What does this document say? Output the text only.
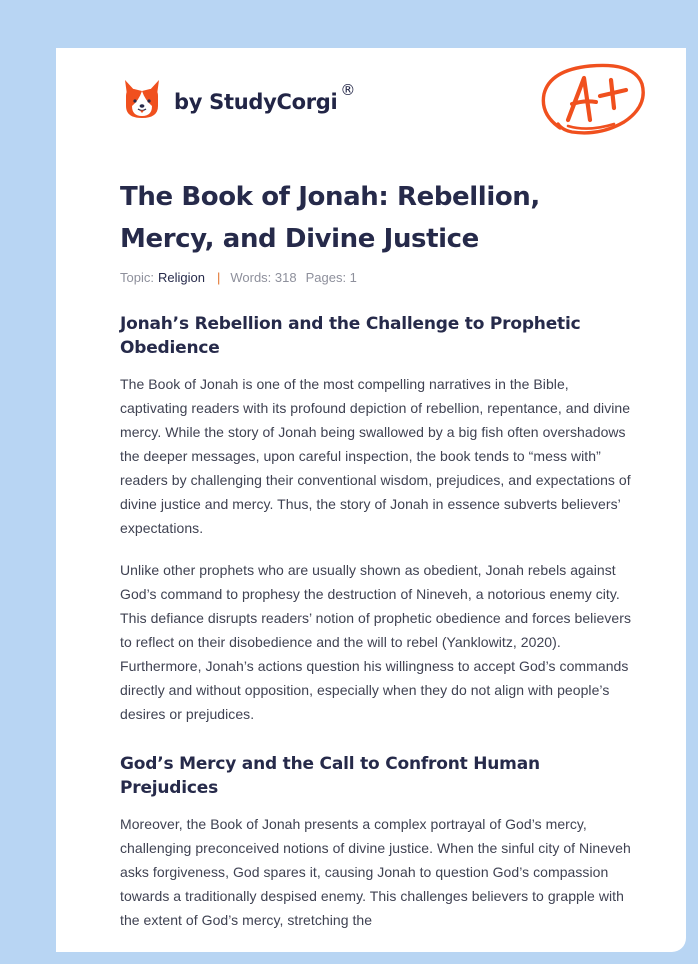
by StudyCorgi ®
The Book of Jonah: Rebellion, Mercy, and Divine Justice
Topic: Religion | Words: 318 Pages: 1
Jonah’s Rebellion and the Challenge to Prophetic Obedience

The Book of Jonah is one of the most compelling narratives in the Bible, captivating readers with its profound depiction of rebellion, repentance, and divine mercy. While the story of Jonah being swallowed by a big fish often overshadows the deeper messages, upon careful inspection, the book tends to “mess with” readers by challenging their conventional wisdom, prejudices, and expectations of divine justice and mercy. Thus, the story of Jonah in essence subverts believers’ expectations.

Unlike other prophets who are usually shown as obedient, Jonah rebels against God’s command to prophesy the destruction of Nineveh, a notorious enemy city. This defiance disrupts readers’ notion of prophetic obedience and forces believers to reflect on their disobedience and the will to rebel (Yanklowitz, 2020). Furthermore, Jonah’s actions question his willingness to accept God’s commands directly and without opposition, especially when they do not align with people’s desires or prejudices.

God’s Mercy and the Call to Confront Human Prejudices

Moreover, the Book of Jonah presents a complex portrayal of God’s mercy, challenging preconceived notions of divine justice. When the sinful city of Nineveh asks forgiveness, God spares it, causing Jonah to question God’s compassion towards a traditionally despised enemy. This challenges believers to grapple with the extent of God’s mercy, stretching the
